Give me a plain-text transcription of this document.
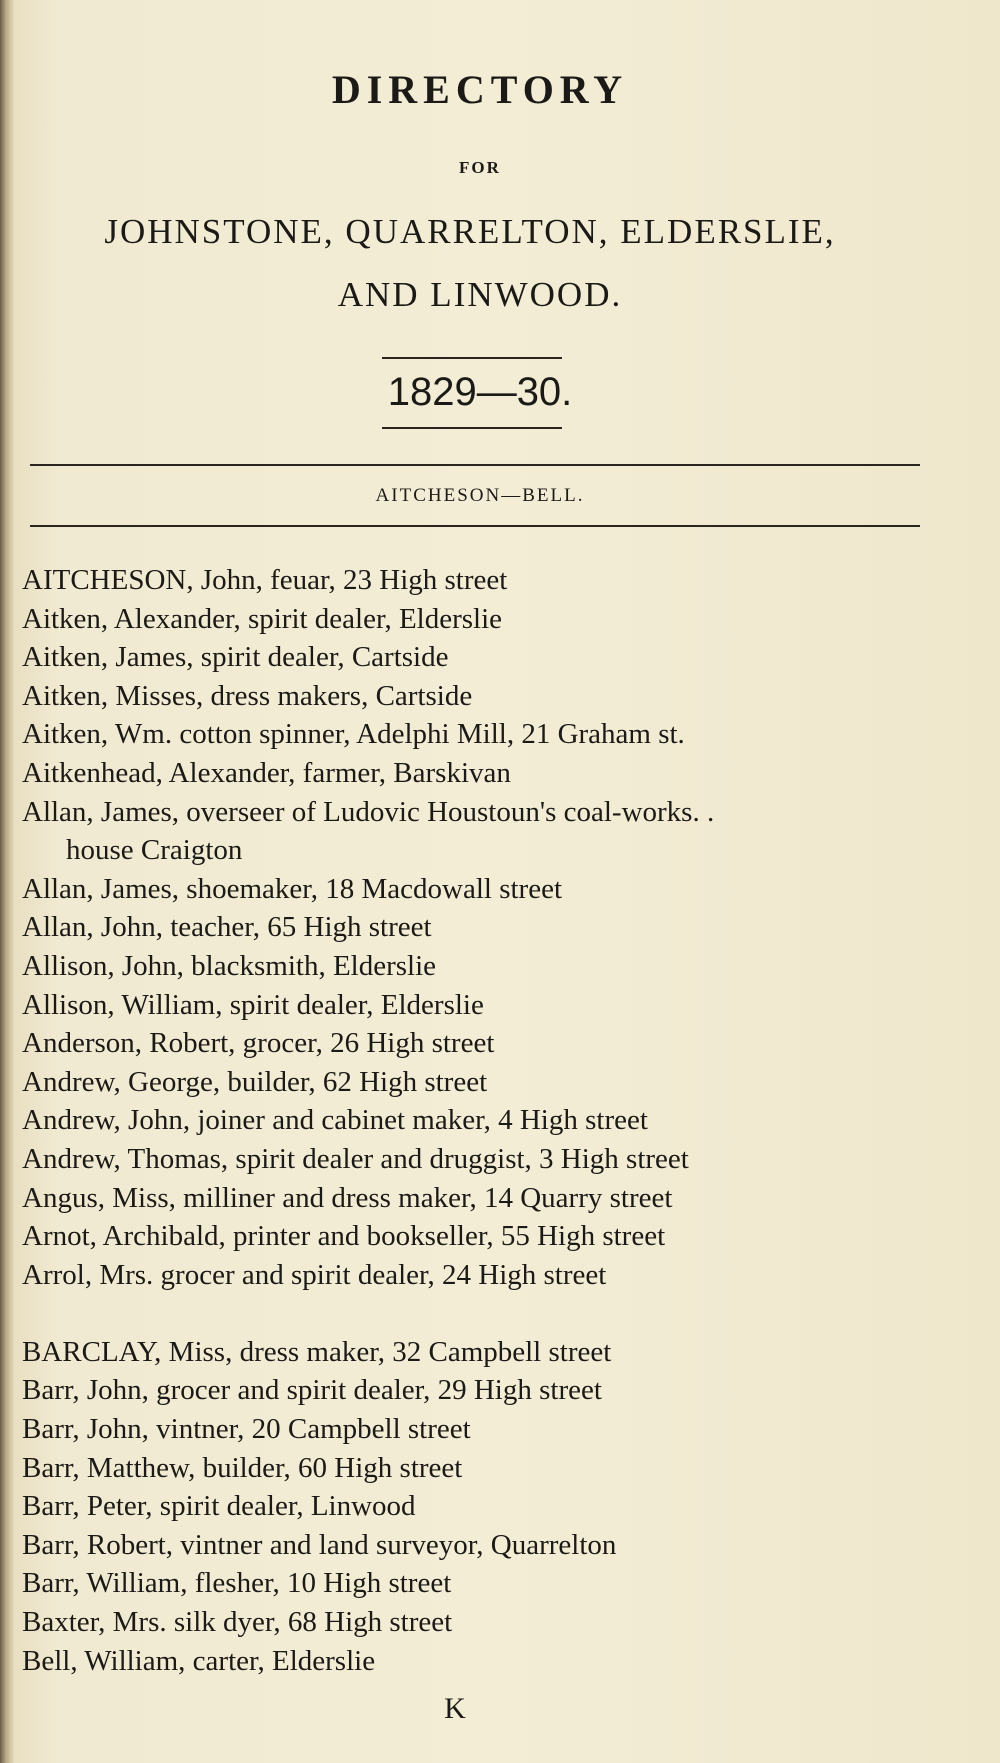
DIRECTORY
FOR
JOHNSTONE, QUARRELTON, ELDERSLIE,
AND LINWOOD.
1829—30.
AITCHESON—BELL.
AITCHESON, John, feuar, 23 High street
Aitken, Alexander, spirit dealer, Elderslie
Aitken, James, spirit dealer, Cartside
Aitken, Misses, dress makers, Cartside
Aitken, Wm. cotton spinner, Adelphi Mill, 21 Graham st.
Aitkenhead, Alexander, farmer, Barskivan
Allan, James, overseer of Ludovic Houstoun's coal-works. .
house Craigton
Allan, James, shoemaker, 18 Macdowall street
Allan, John, teacher, 65 High street
Allison, John, blacksmith, Elderslie
Allison, William, spirit dealer, Elderslie
Anderson, Robert, grocer, 26 High street
Andrew, George, builder, 62 High street
Andrew, John, joiner and cabinet maker, 4 High street
Andrew, Thomas, spirit dealer and druggist, 3 High street
Angus, Miss, milliner and dress maker, 14 Quarry street
Arnot, Archibald, printer and bookseller, 55 High street
Arrol, Mrs. grocer and spirit dealer, 24 High street
BARCLAY, Miss, dress maker, 32 Campbell street
Barr, John, grocer and spirit dealer, 29 High street
Barr, John, vintner, 20 Campbell street
Barr, Matthew, builder, 60 High street
Barr, Peter, spirit dealer, Linwood
Barr, Robert, vintner and land surveyor, Quarrelton
Barr, William, flesher, 10 High street
Baxter, Mrs. silk dyer, 68 High street
Bell, William, carter, Elderslie
K
